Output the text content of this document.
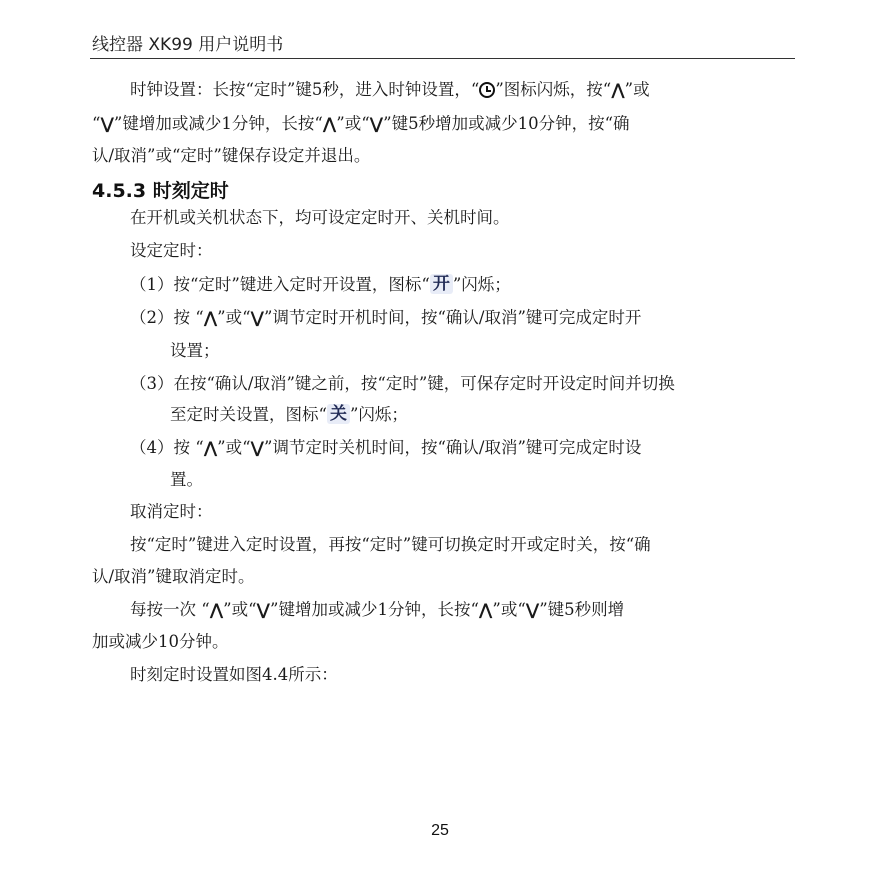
线控器 XK99 用户说明书
时钟设置：长按“定时”键5秒，进入时钟设置，“ ”图标闪烁，按“⋀”或
“⋁”键增加或减少1分钟，长按“⋀”或“⋁”键5秒增加或减少10分钟，按“确
认/取消”或“定时”键保存设定并退出。
4.5.3 时刻定时
在开机或关机状态下，均可设定定时开、关机时间。
设定定时：
（1）按“定时”键进入定时开设置，图标“ 开 ”闪烁；
（2）按 “⋀”或“⋁”调节定时开机时间，按“确认/取消”键可完成定时开
设置；
（3）在按“确认/取消”键之前，按“定时”键，可保存定时开设定时间并切换
至定时关设置，图标“ 关 ”闪烁；
（4）按 “⋀”或“⋁”调节定时关机时间，按“确认/取消”键可完成定时设
置。
取消定时：
按“定时”键进入定时设置，再按“定时”键可切换定时开或定时关，按“确
认/取消”键取消定时。
每按一次 “⋀”或“⋁”键增加或减少1分钟，长按“⋀”或“⋁”键5秒则增
加或减少10分钟。
时刻定时设置如图4.4所示：
25
